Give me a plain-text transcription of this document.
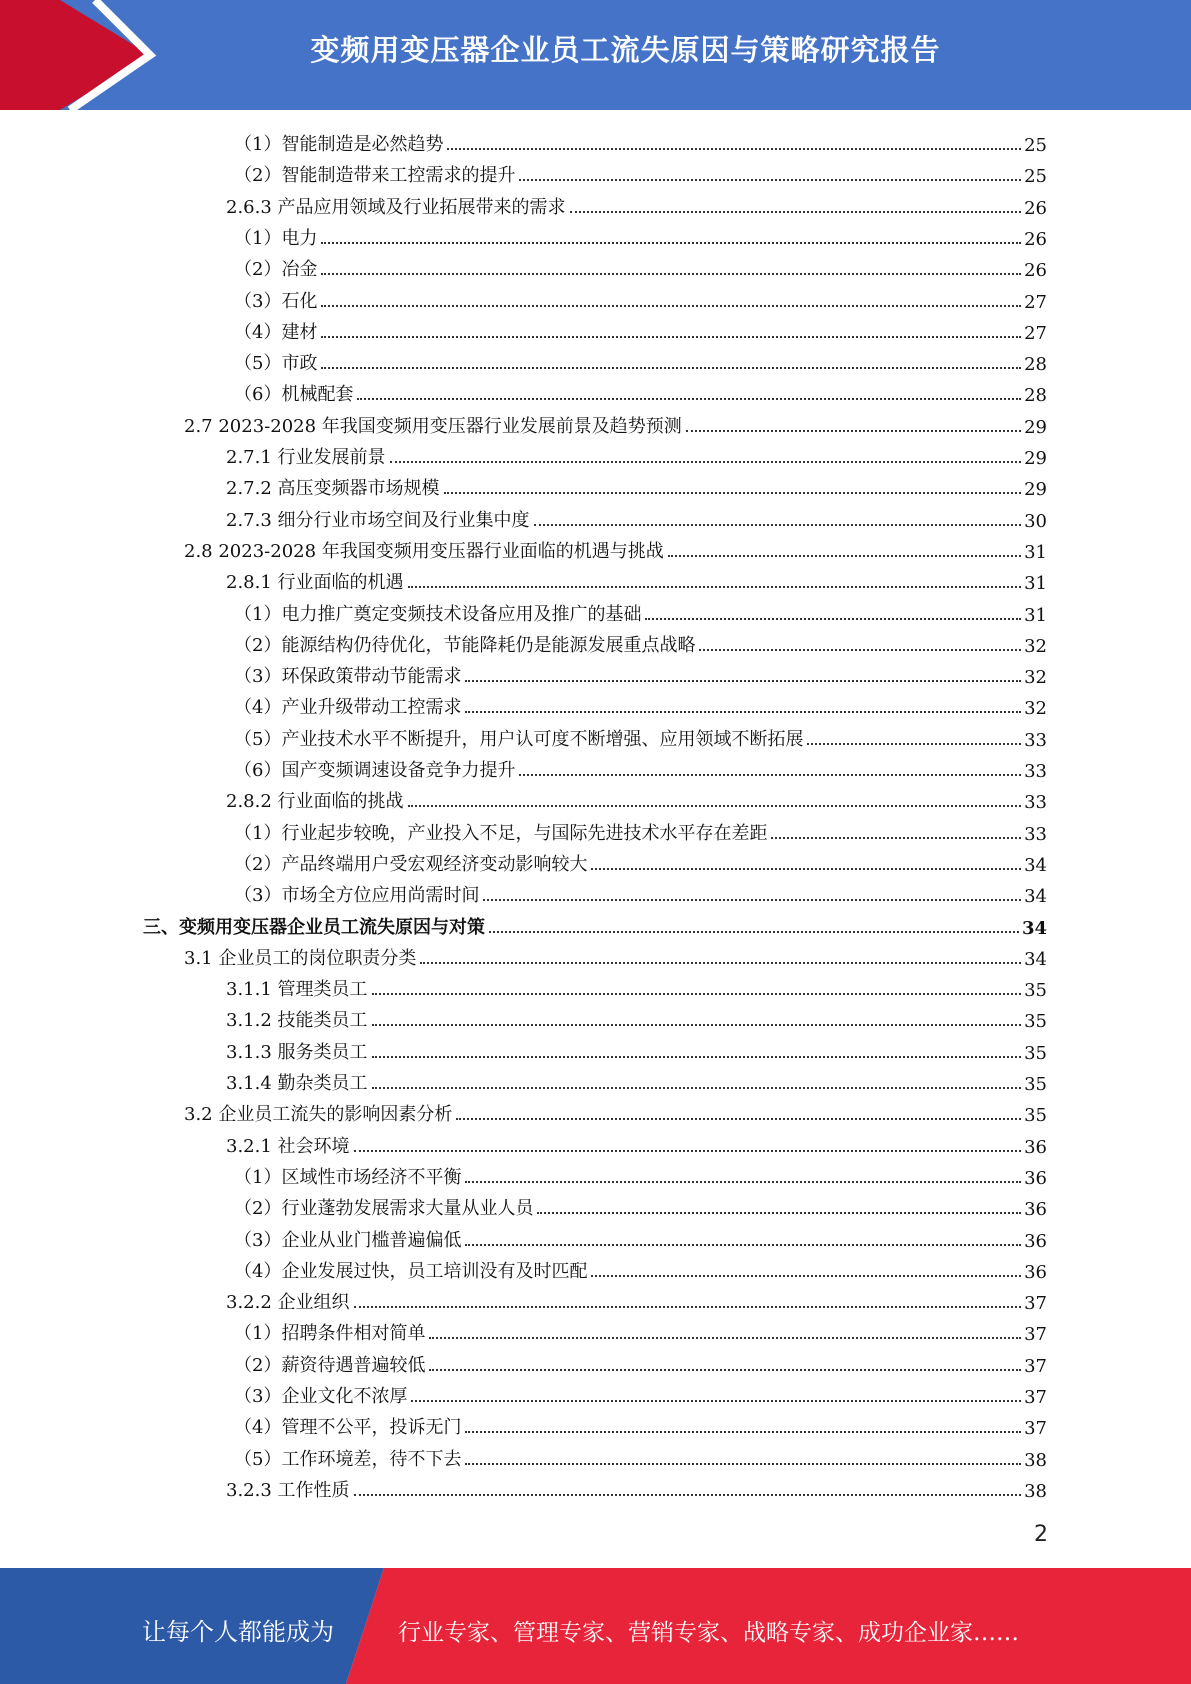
变频用变压器企业员工流失原因与策略研究报告
（1）智能制造是必然趋势	25
（2）智能制造带来工控需求的提升	25
2.6.3 产品应用领域及行业拓展带来的需求	26
（1）电力	26
（2）冶金	26
（3）石化	27
（4）建材	27
（5）市政	28
（6）机械配套	28
2.7 2023-2028 年我国变频用变压器行业发展前景及趋势预测	29
2.7.1 行业发展前景	29
2.7.2 高压变频器市场规模	29
2.7.3 细分行业市场空间及行业集中度	30
2.8 2023-2028 年我国变频用变压器行业面临的机遇与挑战	31
2.8.1 行业面临的机遇	31
（1）电力推广奠定变频技术设备应用及推广的基础	31
（2）能源结构仍待优化，节能降耗仍是能源发展重点战略	32
（3）环保政策带动节能需求	32
（4）产业升级带动工控需求	32
（5）产业技术水平不断提升，用户认可度不断增强、应用领域不断拓展	33
（6）国产变频调速设备竞争力提升	33
2.8.2 行业面临的挑战	33
（1）行业起步较晚，产业投入不足，与国际先进技术水平存在差距	33
（2）产品终端用户受宏观经济变动影响较大	34
（3）市场全方位应用尚需时间	34
三、变频用变压器企业员工流失原因与对策	34
3.1 企业员工的岗位职责分类	34
3.1.1 管理类员工	35
3.1.2 技能类员工	35
3.1.3 服务类员工	35
3.1.4 勤杂类员工	35
3.2 企业员工流失的影响因素分析	35
3.2.1 社会环境	36
（1）区域性市场经济不平衡	36
（2）行业蓬勃发展需求大量从业人员	36
（3）企业从业门槛普遍偏低	36
（4）企业发展过快，员工培训没有及时匹配	36
3.2.2 企业组织	37
（1）招聘条件相对简单	37
（2）薪资待遇普遍较低	37
（3）企业文化不浓厚	37
（4）管理不公平，投诉无门	37
（5）工作环境差，待不下去	38
3.2.3 工作性质	38
2
让每个人都能成为	行业专家、管理专家、营销专家、战略专家、成功企业家……
